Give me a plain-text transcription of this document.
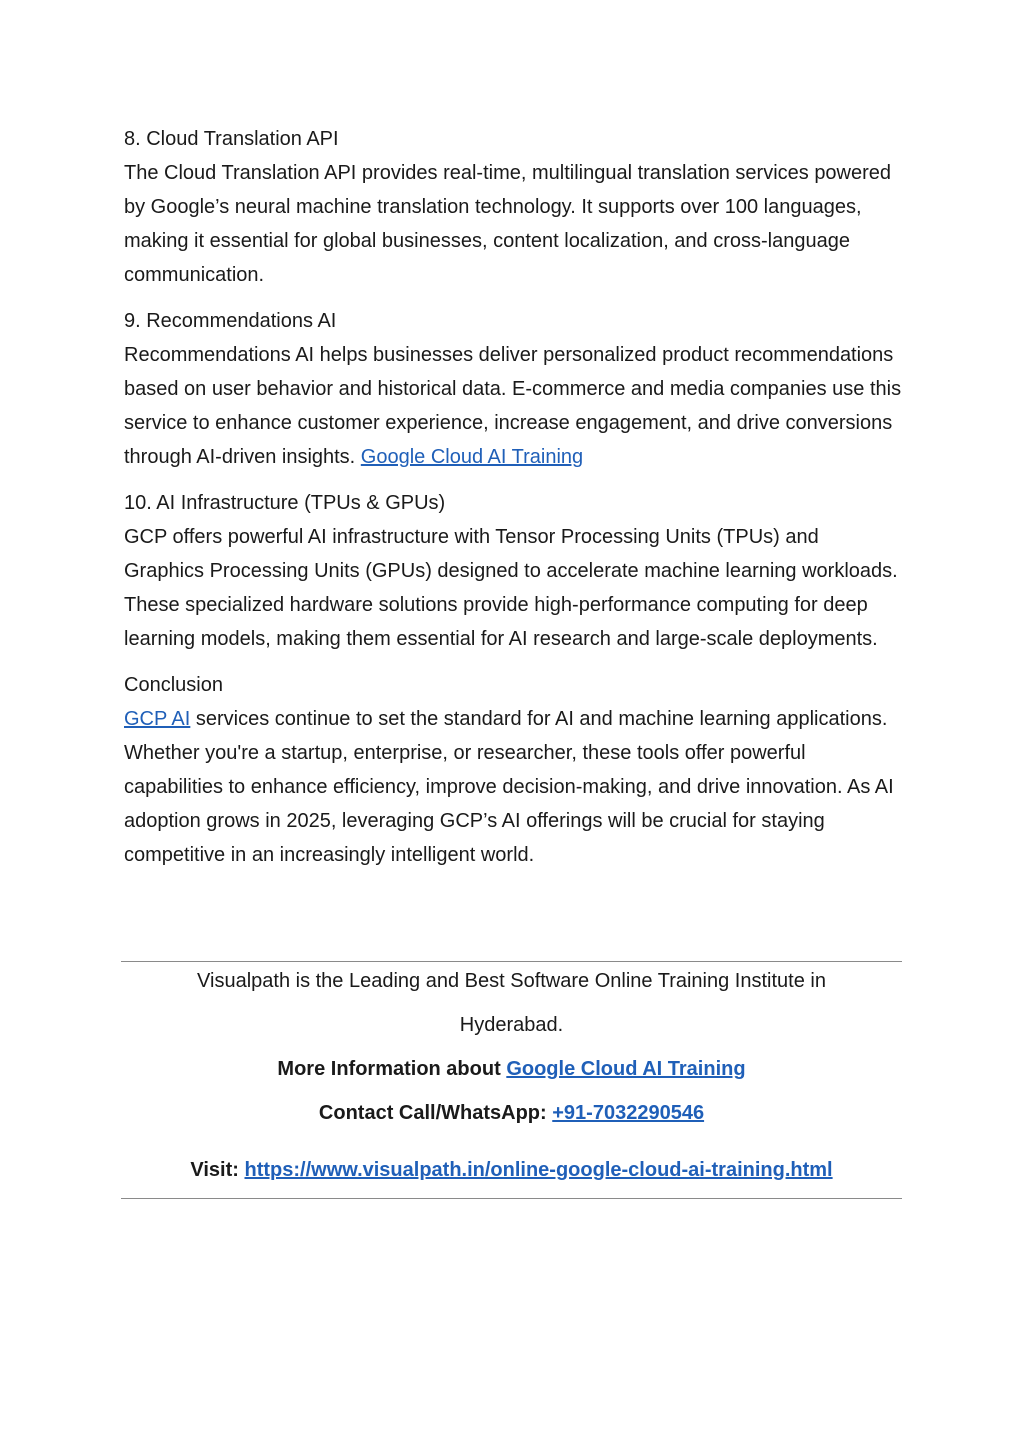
8. Cloud Translation API

The Cloud Translation API provides real-time, multilingual translation services powered by Google’s neural machine translation technology. It supports over 100 languages, making it essential for global businesses, content localization, and cross-language communication.

9. Recommendations AI

Recommendations AI helps businesses deliver personalized product recommendations based on user behavior and historical data. E-commerce and media companies use this service to enhance customer experience, increase engagement, and drive conversions through AI-driven insights. Google Cloud AI Training

10. AI Infrastructure (TPUs & GPUs)

GCP offers powerful AI infrastructure with Tensor Processing Units (TPUs) and Graphics Processing Units (GPUs) designed to accelerate machine learning workloads. These specialized hardware solutions provide high-performance computing for deep learning models, making them essential for AI research and large-scale deployments.

Conclusion

GCP AI services continue to set the standard for AI and machine learning applications. Whether you're a startup, enterprise, or researcher, these tools offer powerful capabilities to enhance efficiency, improve decision-making, and drive innovation. As AI adoption grows in 2025, leveraging GCP’s AI offerings will be crucial for staying competitive in an increasingly intelligent world.

Visualpath is the Leading and Best Software Online Training Institute in

Hyderabad.

More Information about Google Cloud AI Training

Contact Call/WhatsApp: +91-7032290546

Visit: https://www.visualpath.in/online-google-cloud-ai-training.html
